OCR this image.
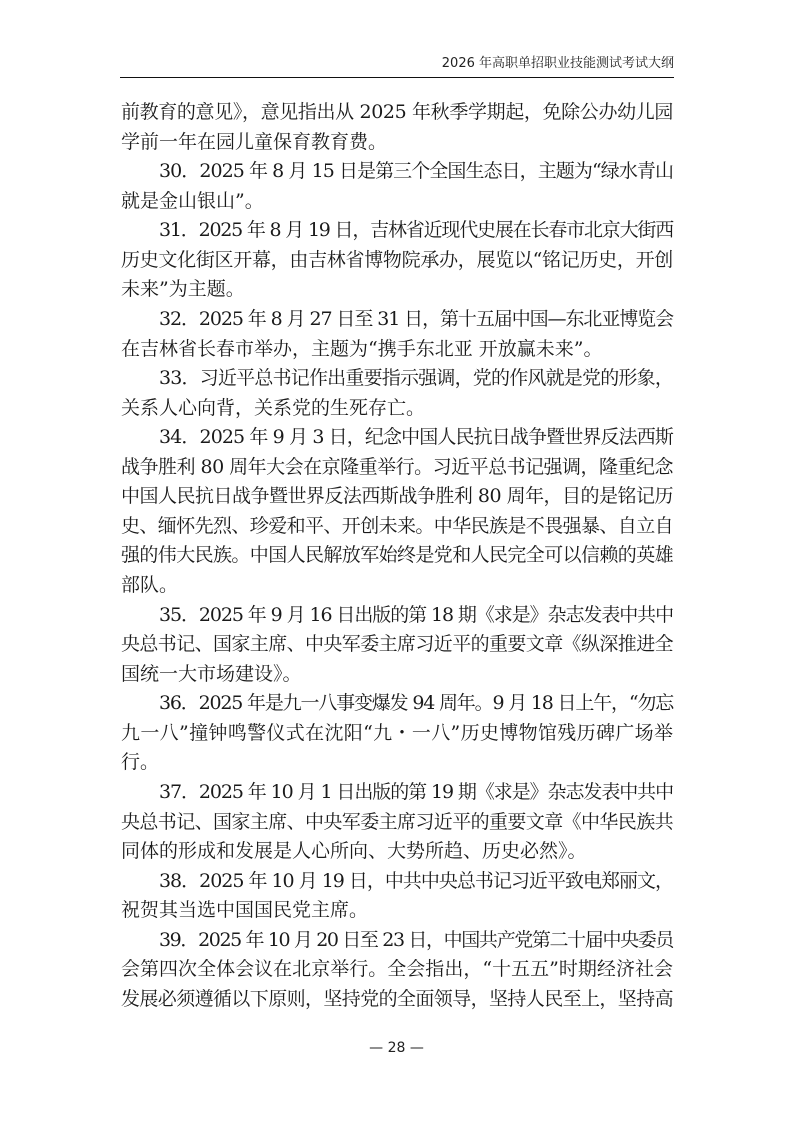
2026 年高职单招职业技能测试考试大纲
前教育的意见》，意见指出从 2025 年秋季学期起，免除公办幼儿园
学前一年在园儿童保育教育费。
30．2025 年 8 月 15 日是第三个全国生态日，主题为“绿水青山
就是金山银山”。
31．2025 年 8 月 19 日，吉林省近现代史展在长春市北京大街西
历史文化街区开幕，由吉林省博物院承办，展览以“铭记历史，开创
未来”为主题。
32．2025 年 8 月 27 日至 31 日，第十五届中国—东北亚博览会
在吉林省长春市举办，主题为“携手东北亚 开放赢未来”。
33．习近平总书记作出重要指示强调，党的作风就是党的形象，
关系人心向背，关系党的生死存亡。
34．2025 年 9 月 3 日，纪念中国人民抗日战争暨世界反法西斯
战争胜利 80 周年大会在京隆重举行。习近平总书记强调，隆重纪念
中国人民抗日战争暨世界反法西斯战争胜利 80 周年，目的是铭记历
史、缅怀先烈、珍爱和平、开创未来。中华民族是不畏强暴、自立自
强的伟大民族。中国人民解放军始终是党和人民完全可以信赖的英雄
部队。
35．2025 年 9 月 16 日出版的第 18 期《求是》杂志发表中共中
央总书记、国家主席、中央军委主席习近平的重要文章《纵深推进全
国统一大市场建设》。
36．2025 年是九一八事变爆发 94 周年。9 月 18 日上午，“勿忘
九一八”撞钟鸣警仪式在沈阳“九・一八”历史博物馆残历碑广场举
行。
37．2025 年 10 月 1 日出版的第 19 期《求是》杂志发表中共中
央总书记、国家主席、中央军委主席习近平的重要文章《中华民族共
同体的形成和发展是人心所向、大势所趋、历史必然》。
38．2025 年 10 月 19 日，中共中央总书记习近平致电郑丽文，
祝贺其当选中国国民党主席。
39．2025 年 10 月 20 日至 23 日，中国共产党第二十届中央委员
会第四次全体会议在北京举行。全会指出，“十五五”时期经济社会
发展必须遵循以下原则，坚持党的全面领导，坚持人民至上，坚持高
— 28 —
